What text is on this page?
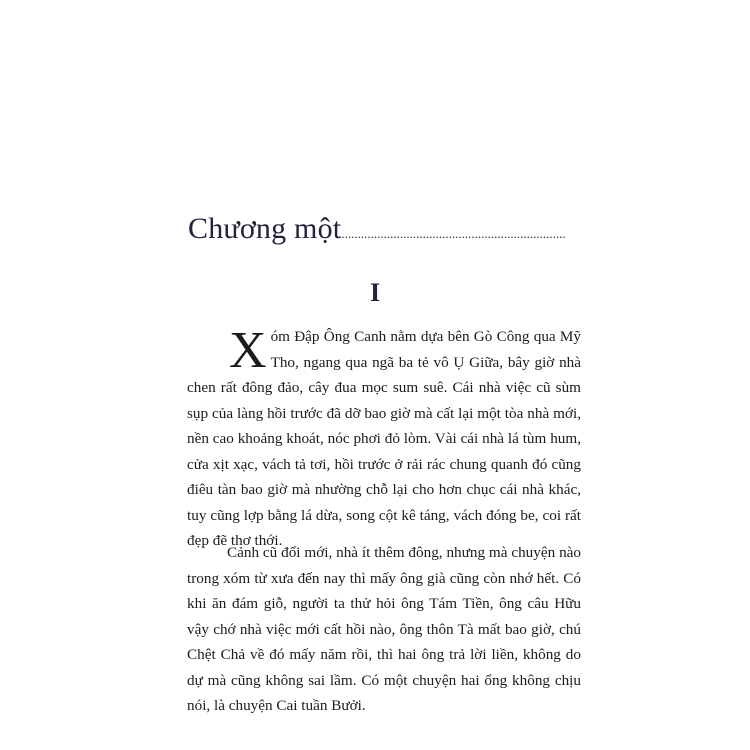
Chương một.....................................................................
I

Xóm Đập Ông Canh nằm dựa bên Gò Công qua Mỹ Tho, ngang qua ngã ba tẻ vô Ụ Giữa, bây giờ nhà chen rất đông đảo, cây đua mọc sum suê. Cái nhà việc cũ sùm sụp của làng hồi trước đã dỡ bao giờ mà cất lại một tòa nhà mới, nền cao khoảng khoát, nóc phơi đỏ lòm. Vài cái nhà lá tùm hum, cửa xịt xạc, vách tả tơi, hồi trước ở rải rác chung quanh đó cũng điêu tàn bao giờ mà nhường chỗ lại cho hơn chục cái nhà khác, tuy cũng lợp bằng lá dừa, song cột kê táng, vách đóng be, coi rất đẹp đẽ thơ thới.

Cảnh cũ đổi mới, nhà ít thêm đông, nhưng mà chuyện nào trong xóm từ xưa đến nay thì mấy ông già cũng còn nhớ hết. Có khi ăn đám giỗ, người ta thử hỏi ông Tám Tiền, ông câu Hữu vậy chớ nhà việc mới cất hồi nào, ông thôn Tà mất bao giờ, chú Chệt Chả về đó mấy năm rồi, thì hai ông trả lời liền, không do dự mà cũng không sai lầm. Có một chuyện hai ổng không chịu nói, là chuyện Cai tuần Bưởi.
